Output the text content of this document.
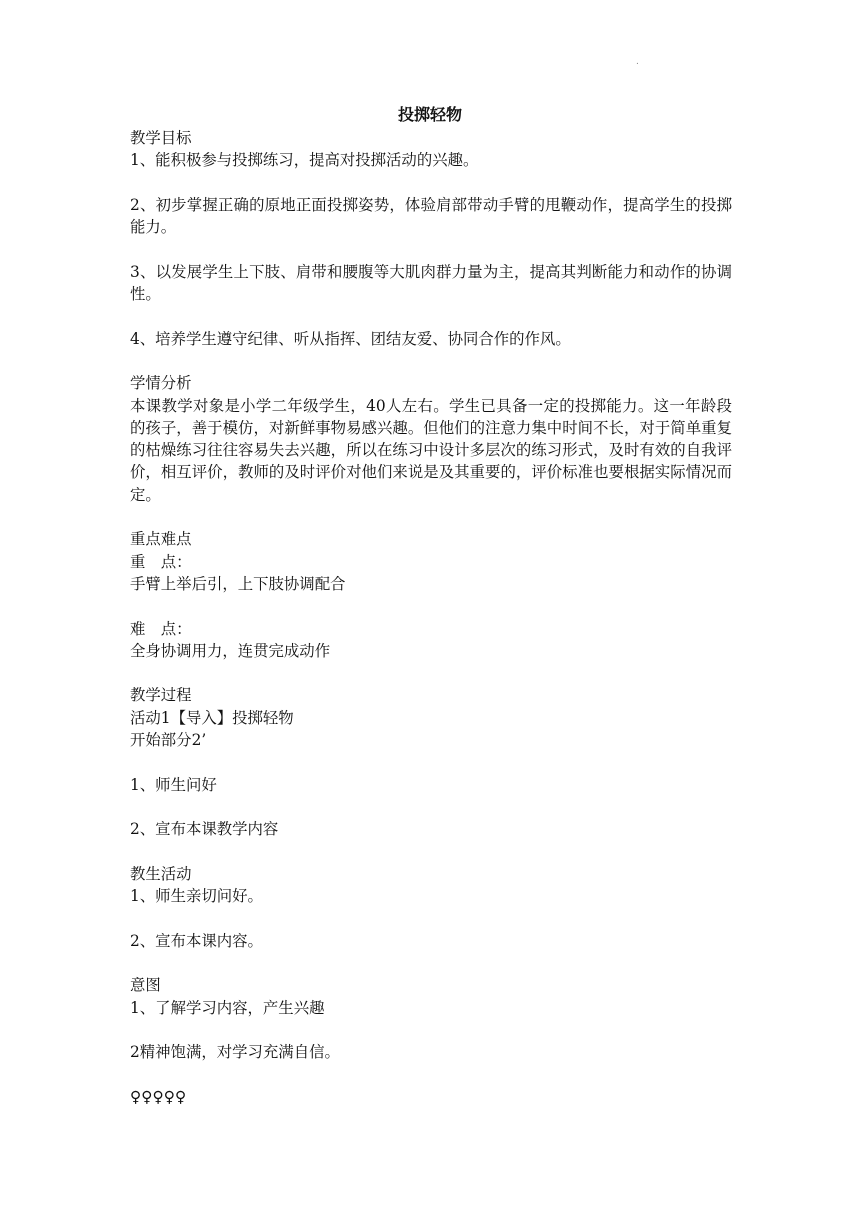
.
投掷轻物

教学目标

1、能积极参与投掷练习，提高对投掷活动的兴趣。

2、初步掌握正确的原地正面投掷姿势，体验肩部带动手臂的甩鞭动作，提高学生的投掷能力。

3、以发展学生上下肢、肩带和腰腹等大肌肉群力量为主，提高其判断能力和动作的协调性。

4、培养学生遵守纪律、听从指挥、团结友爱、协同合作的作风。

学情分析

本课教学对象是小学二年级学生，40人左右。学生已具备一定的投掷能力。这一年龄段的孩子，善于模仿，对新鲜事物易感兴趣。但他们的注意力集中时间不长，对于简单重复的枯燥练习往往容易失去兴趣，所以在练习中设计多层次的练习形式，及时有效的自我评价，相互评价，教师的及时评价对他们来说是及其重要的，评价标准也要根据实际情况而定。

重点难点

重　点：

手臂上举后引，上下肢协调配合

难　点：

全身协调用力，连贯完成动作

教学过程

活动1【导入】投掷轻物

开始部分2’

1、师生问好

2、宣布本课教学内容

教生活动

1、师生亲切问好。

2、宣布本课内容。

意图

1、了解学习内容，产生兴趣

2精神饱满，对学习充满自信。

♀♀♀♀♀
